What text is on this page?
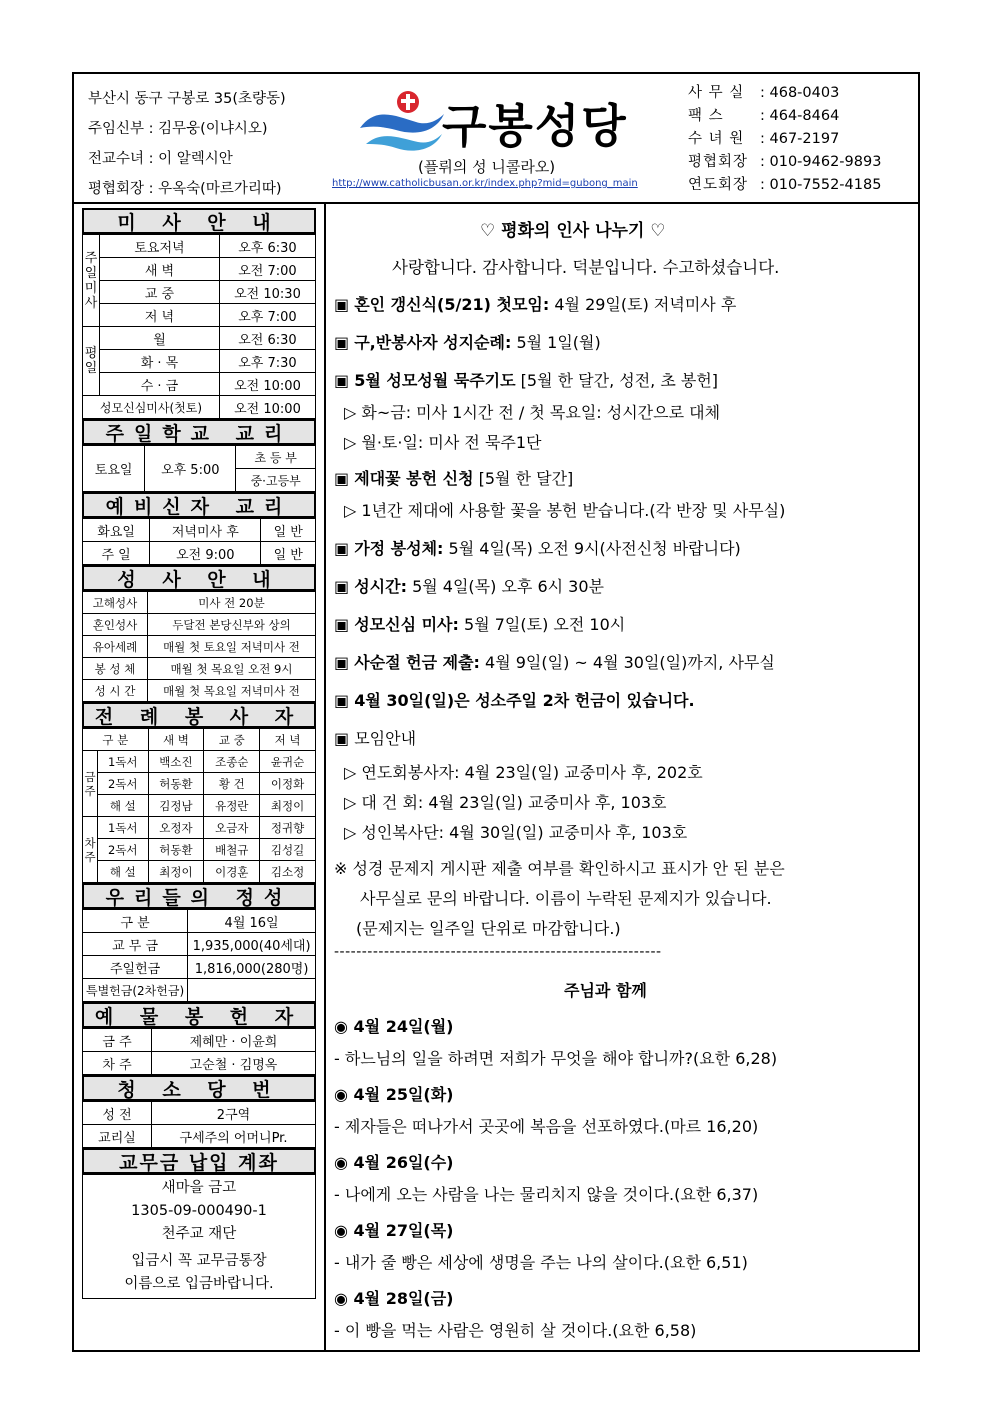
부산시 동구 구봉로 35(초량동)
주임신부 : 김무웅(이냐시오)
전교수녀 : 이 알렉시안
평협회장 : 우옥숙(마르가리따)
구봉성당
(플뤼의 성 니콜라오)
http://www.catholicbusan.or.kr/index.php?mid=gubong_main
사 무 실	: 468-0403
팩 스	: 464-8464
수 녀 원	: 467-2197
평협회장 : 010-9462-9893
연도회장 : 010-7552-4185
미 사 안 내
주일미사	토요저녁	오후 6:30
	새 벽	오전 7:00
	교 중	오전 10:30
	저 녁	오후 7:00
평일	월	오전 6:30
	화 · 목	오후 7:30
	수 · 금	오전 10:00
성모신심미사(첫토)		오전 10:00
주일학교 교리
토요일	오후 5:00	초 등 부
중·고등부
예비신자 교리
화요일	저녁미사 후	일 반
주 일	오전 9:00	일 반
성 사 안 내
고해성사	미사 전 20분
혼인성사	두달전 본당신부와 상의
유아세례	매월 첫 토요일 저녁미사 전
봉 성 체	매월 첫 목요일 오전 9시
성 시 간	매월 첫 목요일 저녁미사 전
전 례 봉 사 자
구 분		새 벽	교 중	저 녁
금주	1독서	백소진	조종순	윤귀순
	2독서	허동환	황 건	이정화
	해 설	김정남	유정란	최정이
차주	1독서	오정자	오금자	정귀향
	2독서	허동환	배철규	김성길
	해 설	최정이	이경훈	김소정
우리들의 정성
구 분	4월 16일
교 무 금	1,935,000(40세대)
주일헌금	1,816,000(280명)
특별헌금(2차헌금)	
예 물 봉 헌 자
금 주	제혜만 · 이윤희
차 주	고순철 · 김명옥
청 소 당 번
성 전	2구역
교리실	구세주의 어머니Pr.
교무금 납입 계좌
새마을 금고
1305-09-000490-1
천주교 재단
입금시 꼭 교무금통장
이름으로 입금바랍니다.
♡ 평화의 인사 나누기 ♡
사랑합니다. 감사합니다. 덕분입니다. 수고하셨습니다.
▣ 혼인 갱신식(5/21) 첫모임: 4월 29일(토) 저녁미사 후
▣ 구,반봉사자 성지순례: 5월 1일(월)
▣ 5월 성모성월 묵주기도 [5월 한 달간, 성전, 초 봉헌]
▷ 화~금: 미사 1시간 전 / 첫 목요일: 성시간으로 대체
▷ 월·토·일: 미사 전 묵주1단
▣ 제대꽃 봉헌 신청 [5월 한 달간]
▷ 1년간 제대에 사용할 꽃을 봉헌 받습니다.(각 반장 및 사무실)
▣ 가정 봉성체: 5월 4일(목) 오전 9시(사전신청 바랍니다)
▣ 성시간: 5월 4일(목) 오후 6시 30분
▣ 성모신심 미사: 5월 7일(토) 오전 10시
▣ 사순절 헌금 제출: 4월 9일(일) ~ 4월 30일(일)까지, 사무실
▣ 4월 30일(일)은 성소주일 2차 헌금이 있습니다.
▣ 모임안내
▷ 연도회봉사자: 4월 23일(일) 교중미사 후, 202호
▷ 대 건 회: 4월 23일(일) 교중미사 후, 103호
▷ 성인복사단: 4월 30일(일) 교중미사 후, 103호
※ 성경 문제지 게시판 제출 여부를 확인하시고 표시가 안 된 분은
사무실로 문의 바랍니다. 이름이 누락된 문제지가 있습니다.
(문제지는 일주일 단위로 마감합니다.)
-----------------------------------------------------------
주님과 함께
◉ 4월 24일(월)
- 하느님의 일을 하려면 저희가 무엇을 해야 합니까?(요한 6,28)
◉ 4월 25일(화)
- 제자들은 떠나가서 곳곳에 복음을 선포하였다.(마르 16,20)
◉ 4월 26일(수)
- 나에게 오는 사람을 나는 물리치지 않을 것이다.(요한 6,37)
◉ 4월 27일(목)
- 내가 줄 빵은 세상에 생명을 주는 나의 살이다.(요한 6,51)
◉ 4월 28일(금)
- 이 빵을 먹는 사람은 영원히 살 것이다.(요한 6,58)
